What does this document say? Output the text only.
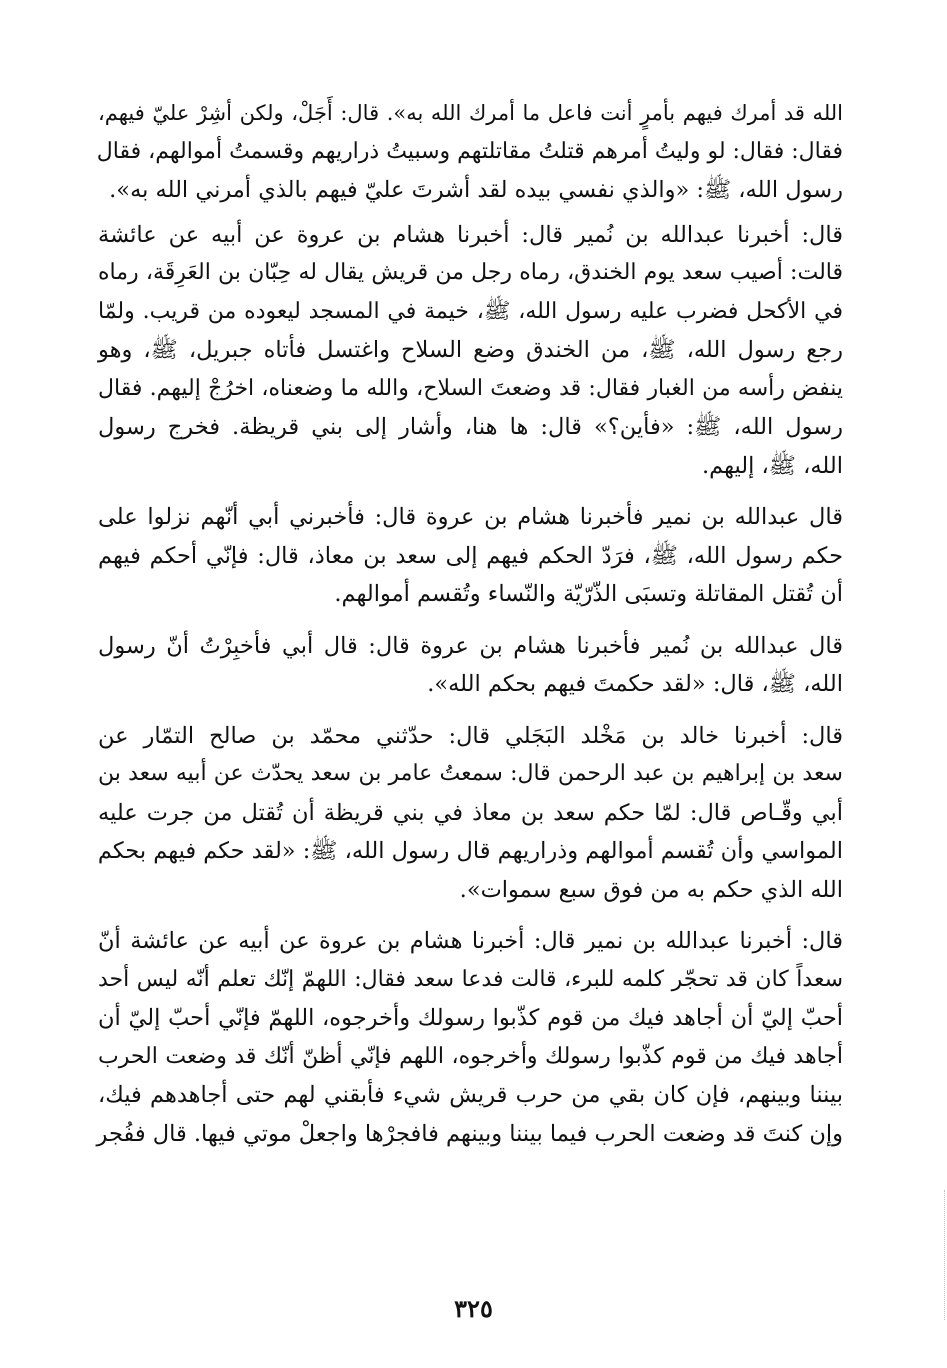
الله قد أمرك فيهم بأمرٍ أنت فاعل ما أمرك الله به». قال: أَجَلْ، ولكن أشِرْ عليّ فيهم،
فقال: فقال: لو وليتُ أمرهم قتلتُ مقاتلتهم وسبيتُ ذراريهم وقسمتُ أموالهم، فقال
رسول الله، ﷺ: «والذي نفسي بيده لقد أشرتَ عليّ فيهم بالذي أمرني الله به».
قال: أخبرنا عبدالله بن نُمير قال: أخبرنا هشام بن عروة عن أبيه عن عائشة
قالت: أصيب سعد يوم الخندق، رماه رجل من قريش يقال له حِبّان بن العَرِقَة، رماه
في الأكحل فضرب عليه رسول الله، ﷺ، خيمة في المسجد ليعوده من قريب. ولمّا
رجع رسول الله، ﷺ، من الخندق وضع السلاح واغتسل فأتاه جبريل، ﷺ، وهو
ينفض رأسه من الغبار فقال: قد وضعتَ السلاح، والله ما وضعناه، اخرُجْ إليهم. فقال
رسول الله، ﷺ: «فأين؟» قال: ها هنا، وأشار إلى بني قريظة. فخرج رسول
الله، ﷺ، إليهم.
قال عبدالله بن نمير فأخبرنا هشام بن عروة قال: فأخبرني أبي أنّهم نزلوا على
حكم رسول الله، ﷺ، فرَدّ الحكم فيهم إلى سعد بن معاذ، قال: فإنّي أحكم فيهم
أن تُقتل المقاتلة وتسبَى الذّرّيّة والنّساء وتُقسم أموالهم.
قال عبدالله بن نُمير فأخبرنا هشام بن عروة قال: قال أبي فأخبِرْتُ أنّ رسول
الله، ﷺ، قال: «لقد حكمتَ فيهم بحكم الله».
قال: أخبرنا خالد بن مَخْلد البَجَلي قال: حدّثني محمّد بن صالح التمّار عن
سعد بن إبراهيم بن عبد الرحمن قال: سمعتُ عامر بن سعد يحدّث عن أبيه سعد بن
أبي وقّـاص قال: لمّا حكم سعد بن معاذ في بني قريظة أن تُقتل من جرت عليه
المواسي وأن تُقسم أموالهم وذراريهم قال رسول الله، ﷺ: «لقد حكم فيهم بحكم
الله الذي حكم به من فوق سبع سموات».
قال: أخبرنا عبدالله بن نمير قال: أخبرنا هشام بن عروة عن أبيه عن عائشة أنّ
سعداً كان قد تحجّر كلمه للبرء، قالت فدعا سعد فقال: اللهمّ إنّك تعلم أنّه ليس أحد
أحبّ إليّ أن أجاهد فيك من قوم كذّبوا رسولك وأخرجوه، اللهمّ فإنّي أحبّ إليّ أن
أجاهد فيك من قوم كذّبوا رسولك وأخرجوه، اللهم فإنّي أظنّ أنّك قد وضعت الحرب
بيننا وبينهم، فإن كان بقي من حرب قريش شيء فأبقني لهم حتى أجاهدهم فيك،
وإن كنتَ قد وضعت الحرب فيما بيننا وبينهم فافجرْها واجعلْ موتي فيها. قال ففُجر
٣٢٥
